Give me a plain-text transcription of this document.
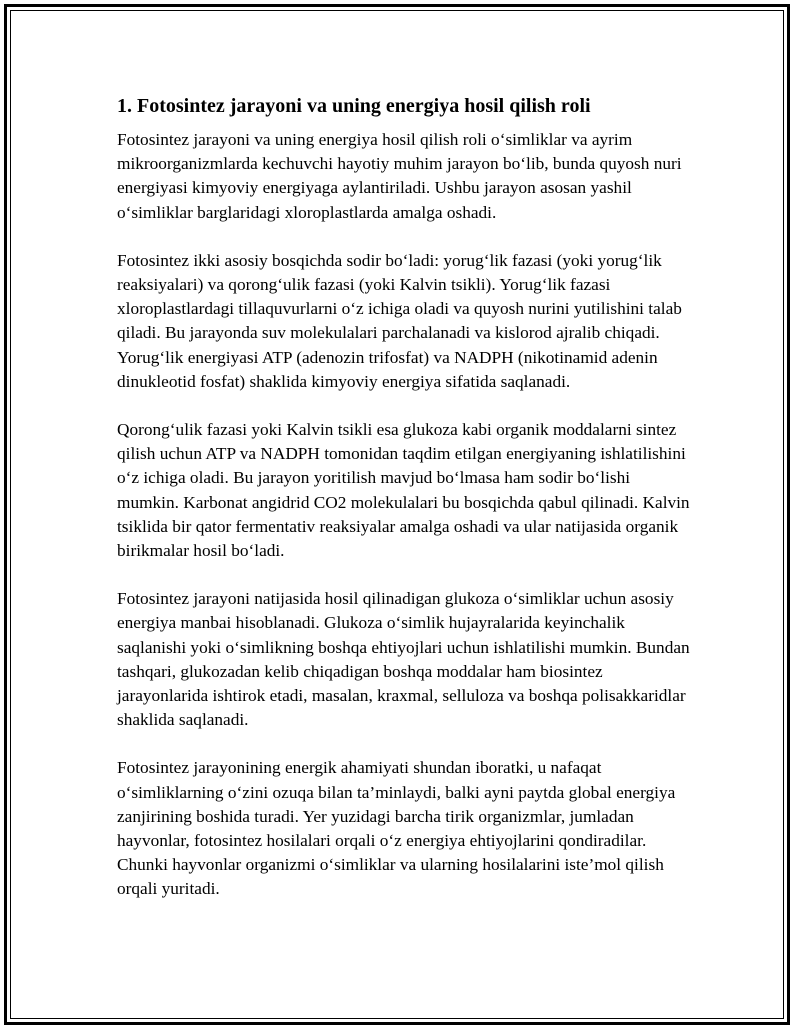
1. Fotosintez jarayoni va uning energiya hosil qilish roli

Fotosintez jarayoni va uning energiya hosil qilish roli o‘simliklar va ayrim mikroorganizmlarda kechuvchi hayotiy muhim jarayon bo‘lib, bunda quyosh nuri energiyasi kimyoviy energiyaga aylantiriladi. Ushbu jarayon asosan yashil o‘simliklar barglaridagi xloroplastlarda amalga oshadi.

Fotosintez ikki asosiy bosqichda sodir bo‘ladi: yorug‘lik fazasi (yoki yorug‘lik reaksiyalari) va qorong‘ulik fazasi (yoki Kalvin tsikli). Yorug‘lik fazasi xloroplastlardagi tillaquvurlarni o‘z ichiga oladi va quyosh nurini yutilishini talab qiladi. Bu jarayonda suv molekulalari parchalanadi va kislorod ajralib chiqadi. Yorug‘lik energiyasi ATP (adenozin trifosfat) va NADPH (nikotinamid adenin dinukleotid fosfat) shaklida kimyoviy energiya sifatida saqlanadi.

Qorong‘ulik fazasi yoki Kalvin tsikli esa glukoza kabi organik moddalarni sintez qilish uchun ATP va NADPH tomonidan taqdim etilgan energiyaning ishlatilishini o‘z ichiga oladi. Bu jarayon yoritilish mavjud bo‘lmasa ham sodir bo‘lishi mumkin. Karbonat angidrid CO2 molekulalari bu bosqichda qabul qilinadi. Kalvin tsiklida bir qator fermentativ reaksiyalar amalga oshadi va ular natijasida organik birikmalar hosil bo‘ladi.

Fotosintez jarayoni natijasida hosil qilinadigan glukoza o‘simliklar uchun asosiy energiya manbai hisoblanadi. Glukoza o‘simlik hujayralarida keyinchalik saqlanishi yoki o‘simlikning boshqa ehtiyojlari uchun ishlatilishi mumkin. Bundan tashqari, glukozadan kelib chiqadigan boshqa moddalar ham biosintez jarayonlarida ishtirok etadi, masalan, kraxmal, selluloza va boshqa polisakkaridlar shaklida saqlanadi.

Fotosintez jarayonining energik ahamiyati shundan iboratki, u nafaqat o‘simliklarning o‘zini ozuqa bilan ta’minlaydi, balki ayni paytda global energiya zanjirining boshida turadi. Yer yuzidagi barcha tirik organizmlar, jumladan hayvonlar, fotosintez hosilalari orqali o‘z energiya ehtiyojlarini qondiradilar. Chunki hayvonlar organizmi o‘simliklar va ularning hosilalarini iste’mol qilish orqali yuritadi.
